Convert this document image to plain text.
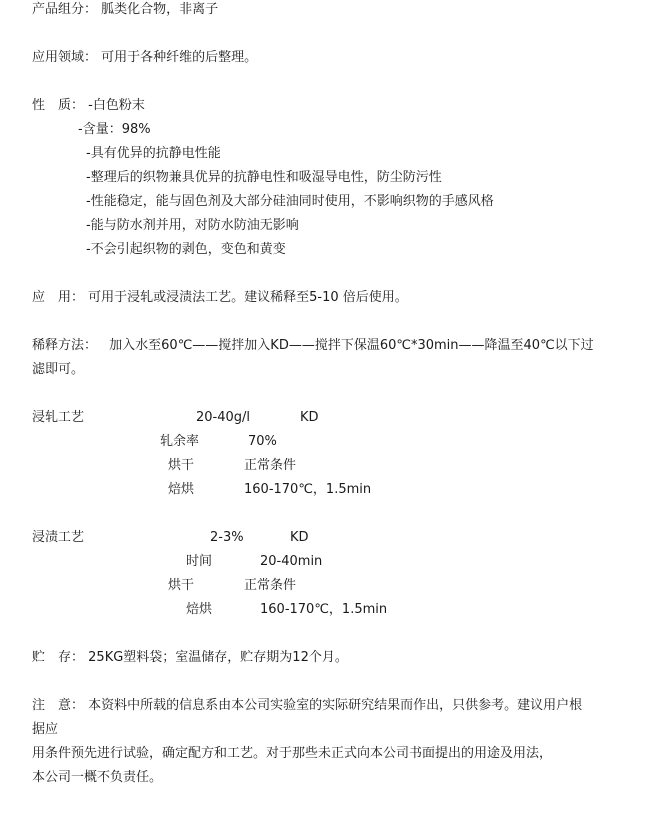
产品组分： 胍类化合物，非离子
应用领域： 可用于各种纤维的后整理。
性　质： -白色粉末
-含量：98%
-具有优异的抗静电性能
-整理后的织物兼具优异的抗静电性和吸湿导电性，防尘防污性
-性能稳定，能与固色剂及大部分硅油同时使用，不影响织物的手感风格
-能与防水剂并用，对防水防油无影响
-不会引起织物的剥色，变色和黄变
应　用： 可用于浸轧或浸渍法工艺。建议稀释至5-10 倍后使用。
稀释方法： 加入水至60℃——搅拌加入KD——搅拌下保温60℃*30min——降温至40℃以下过
滤即可。
浸轧工艺	20-40g/l	KD
轧余率	70%
烘干	正常条件
焙烘	160-170℃，1.5min
浸渍工艺	2-3%	KD
时间	20-40min
烘干	正常条件
焙烘	160-170℃，1.5min
贮　存： 25KG塑料袋；室温储存，贮存期为12个月。
注　意： 本资料中所载的信息系由本公司实验室的实际研究结果而作出，只供参考。建议用户根
据应
用条件预先进行试验，确定配方和工艺。对于那些未正式向本公司书面提出的用途及用法，
本公司一概不负责任。
